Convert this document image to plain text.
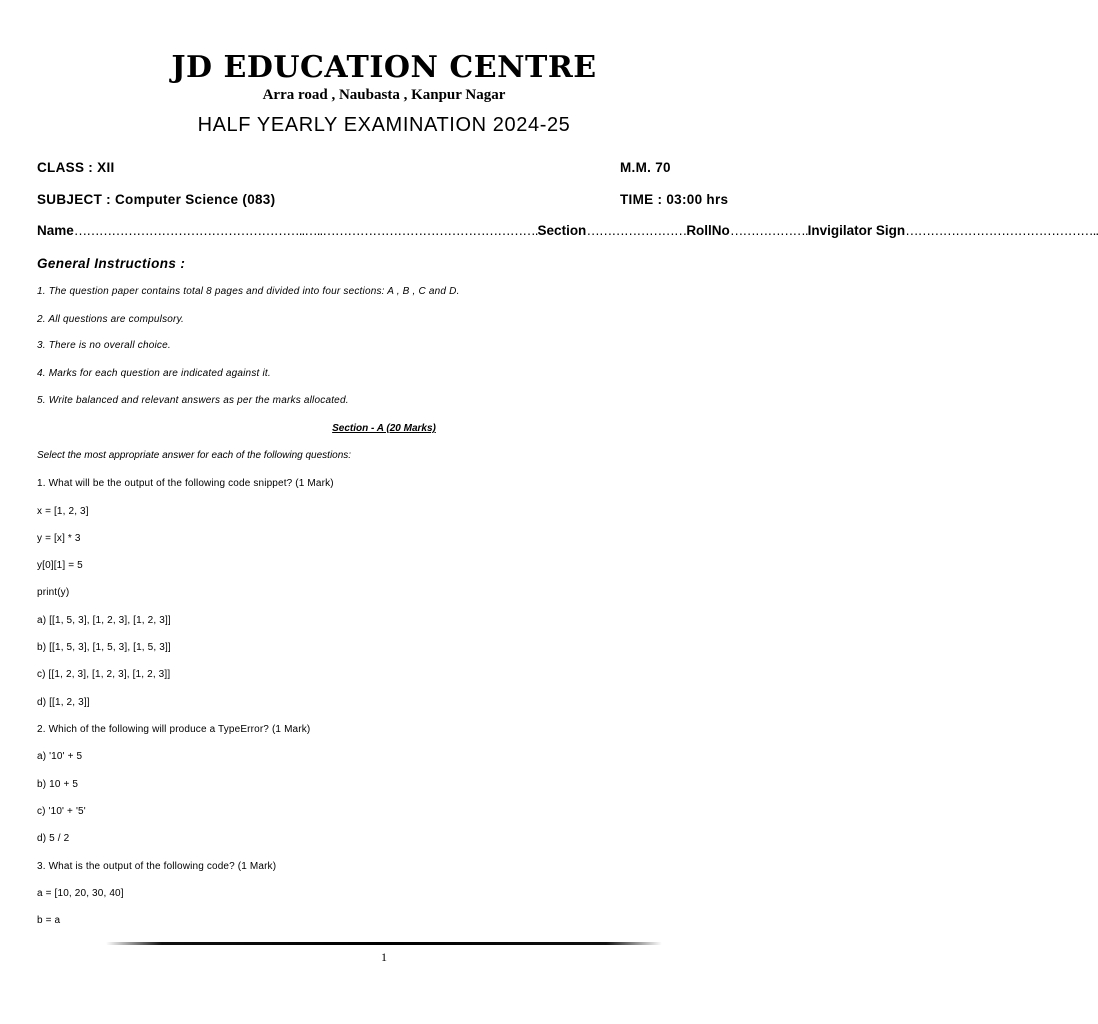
JD EDUCATION CENTRE
Arra road , Naubasta , Kanpur Nagar
HALF YEARLY EXAMINATION 2024-25
CLASS : XII	M.M. 70
SUBJECT : Computer Science (083)	TIME : 03:00 hrs
Name………………………………………………..…..…………………………………………….Section……………………RollNo……………….Invigilator Sign………………………………………..
General Instructions :
1. The question paper contains total 8 pages and divided into four sections: A , B , C and D.
2. All questions are compulsory.
3. There is no overall choice.
4. Marks for each question are indicated against it.
5. Write balanced and relevant answers as per the marks allocated.
Section - A (20 Marks)
Select the most appropriate answer for each of the following questions:
1. What will be the output of the following code snippet? (1 Mark)
x = [1, 2, 3]
y = [x] * 3
y[0][1] = 5
print(y)
a) [[1, 5, 3], [1, 2, 3], [1, 2, 3]]
b) [[1, 5, 3], [1, 5, 3], [1, 5, 3]]
c) [[1, 2, 3], [1, 2, 3], [1, 2, 3]]
d) [[1, 2, 3]]
2. Which of the following will produce a TypeError? (1 Mark)
a) '10' + 5
b) 10 + 5
c) '10' + '5'
d) 5 / 2
3. What is the output of the following code? (1 Mark)
a = [10, 20, 30, 40]
b = a
1
